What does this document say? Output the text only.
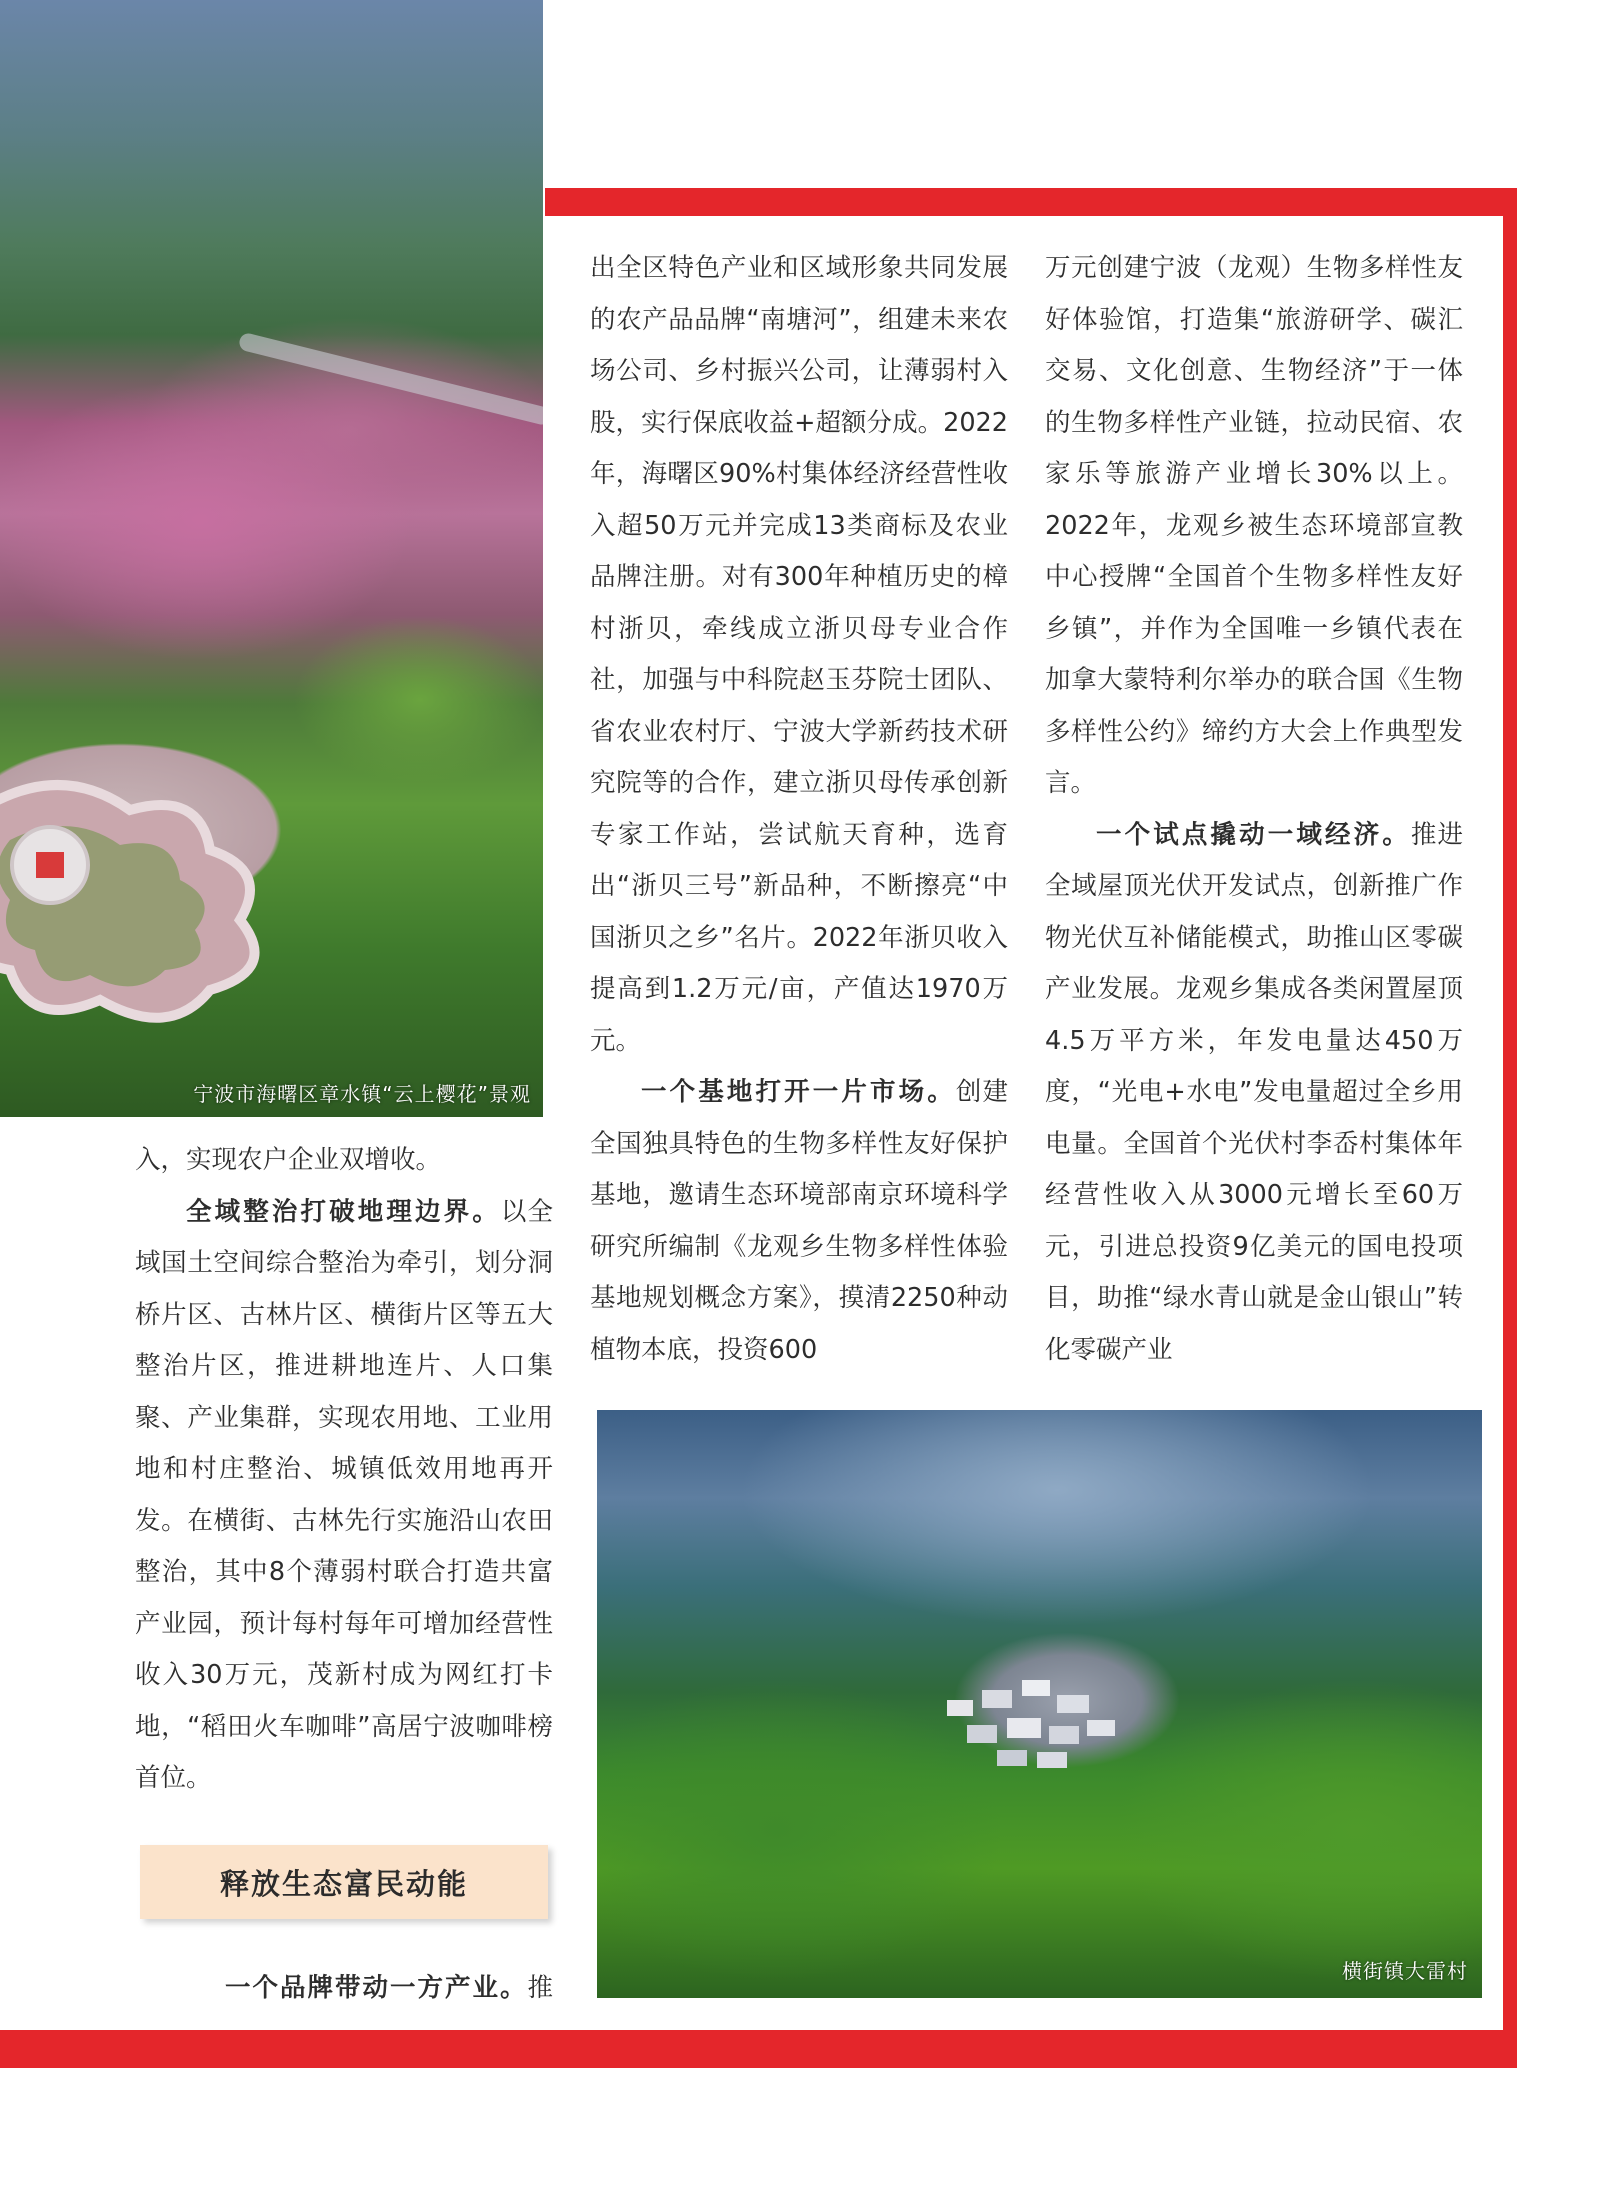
宁波市海曙区章水镇“云上樱花”景观
横街镇大雷村

入，实现农户企业双增收。

全域整治打破地理边界。以全域国土空间综合整治为牵引，划分洞桥片区、古林片区、横街片区等五大整治片区，推进耕地连片、人口集聚、产业集群，实现农用地、工业用地和村庄整治、城镇低效用地再开发。在横街、古林先行实施沿山农田整治，其中8个薄弱村联合打造共富产业园，预计每村每年可增加经营性收入30万元，茂新村成为网红打卡地，“稻田火车咖啡”高居宁波咖啡榜首位。

释放生态富民动能

一个品牌带动一方产业。推

出全区特色产业和区域形象共同发展的农产品品牌“南塘河”，组建未来农场公司、乡村振兴公司，让薄弱村入股，实行保底收益+超额分成。2022年，海曙区90%村集体经济经营性收入超50万元并完成13类商标及农业品牌注册。对有300年种植历史的樟村浙贝，牵线成立浙贝母专业合作社，加强与中科院赵玉芬院士团队、省农业农村厅、宁波大学新药技术研究院等的合作，建立浙贝母传承创新专家工作站，尝试航天育种，选育出“浙贝三号”新品种，不断擦亮“中国浙贝之乡”名片。2022年浙贝收入提高到1.2万元/亩，产值达1970万元。

一个基地打开一片市场。创建全国独具特色的生物多样性友好保护基地，邀请生态环境部南京环境科学研究所编制《龙观乡生物多样性体验基地规划概念方案》，摸清2250种动植物本底，投资600

万元创建宁波（龙观）生物多样性友好体验馆，打造集“旅游研学、碳汇交易、文化创意、生物经济”于一体的生物多样性产业链，拉动民宿、农家乐等旅游产业增长30%以上。2022年，龙观乡被生态环境部宣教中心授牌“全国首个生物多样性友好乡镇”，并作为全国唯一乡镇代表在加拿大蒙特利尔举办的联合国《生物多样性公约》缔约方大会上作典型发言。

一个试点撬动一域经济。推进全域屋顶光伏开发试点，创新推广作物光伏互补储能模式，助推山区零碳产业发展。龙观乡集成各类闲置屋顶4.5万平方米，年发电量达450万度，“光电+水电”发电量超过全乡用电量。全国首个光伏村李岙村集体年经营性收入从3000元增长至60万元，引进总投资9亿美元的国电投项目，助推“绿水青山就是金山银山”转化零碳产业
